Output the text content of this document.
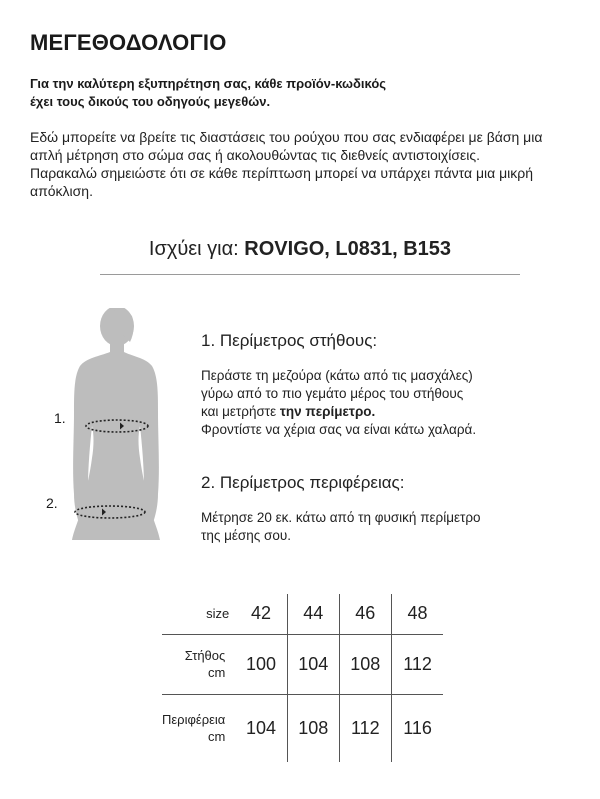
ΜΕΓΕΘΟΔΟΛΟΓΙΟ
Για την καλύτερη εξυπηρέτηση σας, κάθε προϊόν-κωδικός
έχει τους δικούς του οδηγούς μεγεθών.

Εδώ μπορείτε να βρείτε τις διαστάσεις του ρούχου που σας ενδιαφέρει με βάση μια απλή μέτρηση στο σώμα σας ή ακολουθώντας τις διεθνείς αντιστοιχίσεις.

Παρακαλώ σημειώστε ότι σε κάθε περίπτωση μπορεί να υπάρχει πάντα μια μικρή απόκλιση.

Ισχύει για: ROVIGO, L0831, B153
1.
2.
1. Περίμετρος στήθους:
Περάστε τη μεζούρα (κάτω από τις μασχάλες)
γύρω από το πιο γεμάτο μέρος του στήθους
και μετρήστε την περίμετρο.
Φροντίστε να χέρια σας να είναι κάτω χαλαρά.
2. Περίμετρος περιφέρειας:
Μέτρησε 20 εκ. κάτω από τη φυσική περίμετρο
της μέσης σου.
size	42	44	46	48

Στήθος
cm	100	104	108	112

Περιφέρεια
cm	104	108	112	116
